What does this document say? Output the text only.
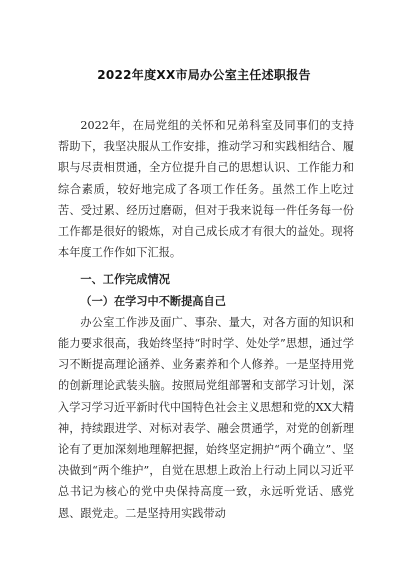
2022年度XX市局办公室主任述职报告

2022年，在局党组的关怀和兄弟科室及同事们的支持帮助下，我坚决服从工作安排，推动学习和实践相结合、履职与尽责相贯通，全方位提升自己的思想认识、工作能力和综合素质，较好地完成了各项工作任务。虽然工作上吃过苦、受过累、经历过磨砺，但对于我来说每一件任务每一份工作都是很好的锻炼，对自己成长成才有很大的益处。现将本年度工作作如下汇报。

一、工作完成情况

（一）在学习中不断提高自己

办公室工作涉及面广、事杂、量大，对各方面的知识和能力要求很高，我始终坚持“时时学、处处学”思想，通过学习不断提高理论涵养、业务素养和个人修养。一是坚持用党的创新理论武装头脑。按照局党组部署和支部学习计划，深入学习学习近平新时代中国特色社会主义思想和党的XX大精神，持续跟进学、对标对表学、融会贯通学，对党的创新理论有了更加深刻地理解把握，始终坚定拥护“两个确立”、坚决做到“两个维护”，自觉在思想上政治上行动上同以习近平总书记为核心的党中央保持高度一致，永远听党话、感党恩、跟党走。二是坚持用实践带动
